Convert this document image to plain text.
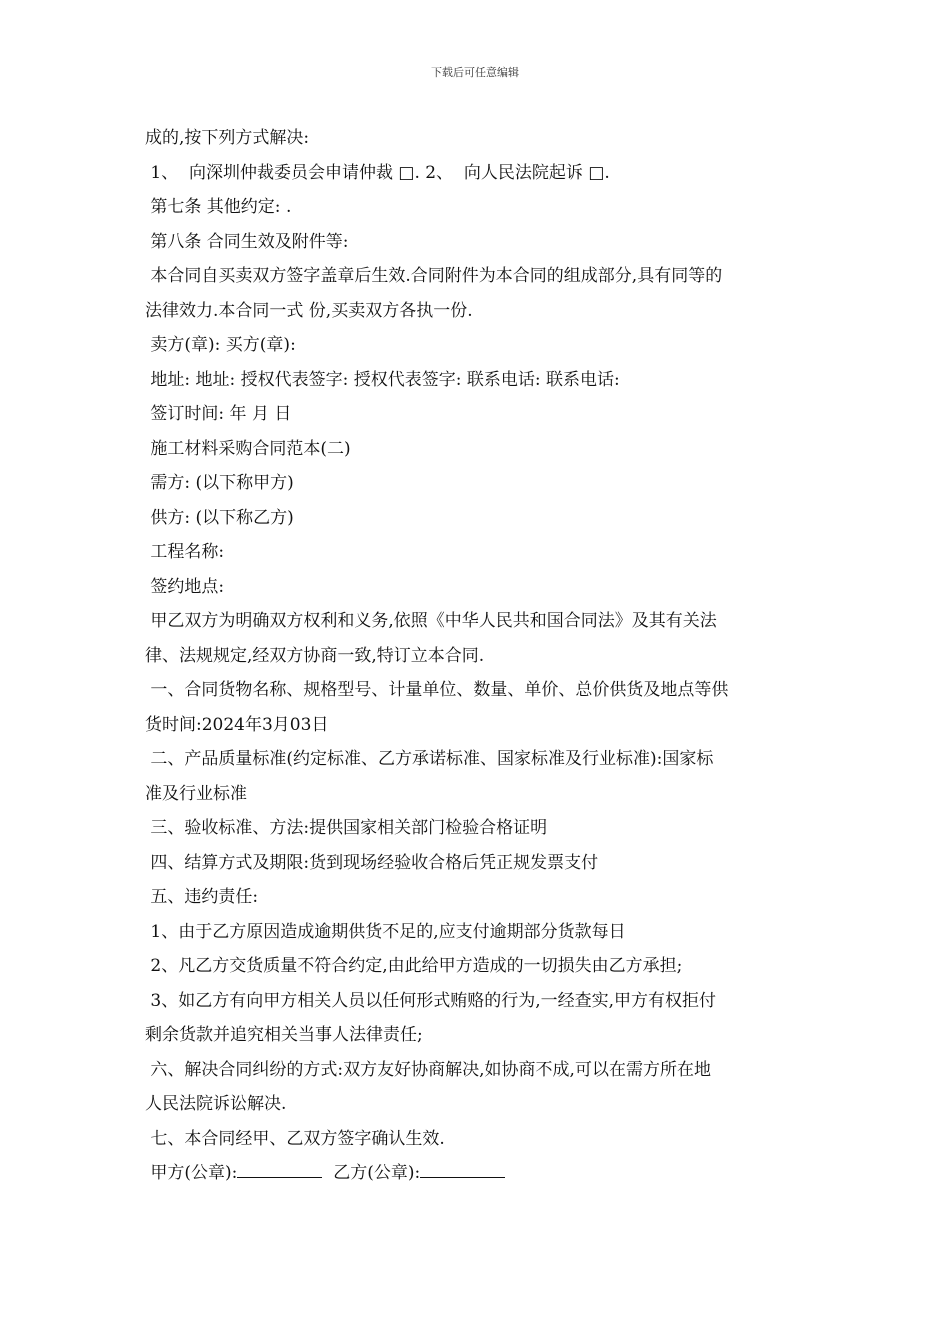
下载后可任意编辑
成的,按下列方式解决:
1、  向深圳仲裁委员会申请仲裁 □. 2、  向人民法院起诉 □.
第七条 其他约定: .
第八条 合同生效及附件等:
本合同自买卖双方签字盖章后生效.合同附件为本合同的组成部分,具有同等的
法律效力.本合同一式 份,买卖双方各执一份.
卖方(章): 买方(章):
地址: 地址: 授权代表签字: 授权代表签字: 联系电话: 联系电话:
签订时间: 年 月 日
施工材料采购合同范本(二)
需方: (以下称甲方)
供方: (以下称乙方)
工程名称:
签约地点:
甲乙双方为明确双方权利和义务,依照《中华人民共和国合同法》及其有关法
律、法规规定,经双方协商一致,特订立本合同.
一、合同货物名称、规格型号、计量单位、数量、单价、总价供货及地点等供
货时间:2024年3月03日
二、产品质量标准(约定标准、乙方承诺标准、国家标准及行业标准):国家标
准及行业标准
三、验收标准、方法:提供国家相关部门检验合格证明
四、结算方式及期限:货到现场经验收合格后凭正规发票支付
五、违约责任:
1、由于乙方原因造成逾期供货不足的,应支付逾期部分货款每日
2、凡乙方交货质量不符合约定,由此给甲方造成的一切损失由乙方承担;
3、如乙方有向甲方相关人员以任何形式贿赂的行为,一经查实,甲方有权拒付
剩余货款并追究相关当事人法律责任;
六、解决合同纠纷的方式:双方友好协商解决,如协商不成,可以在需方所在地
人民法院诉讼解决.
七、本合同经甲、乙双方签字确认生效.
甲方(公章):	乙方(公章):
